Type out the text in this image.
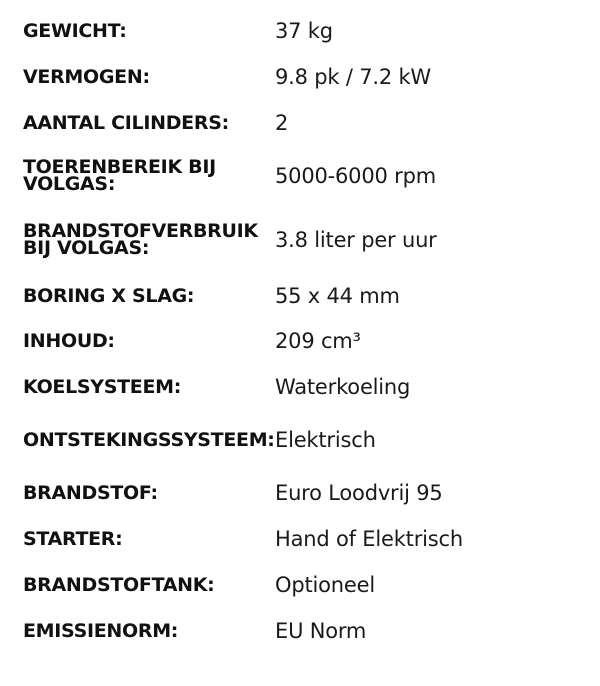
GEWICHT:	37 kg
VERMOGEN:	9.8 pk / 7.2 kW
AANTAL CILINDERS:	2
TOERENBEREIK BIJ VOLGAS:	5000-6000 rpm
BRANDSTOFVERBRUIK BIJ VOLGAS:	3.8 liter per uur
BORING X SLAG:	55 x 44 mm
INHOUD:	209 cm³
KOELSYSTEEM:	Waterkoeling
ONTSTEKINGSSYSTEEM: Elektrisch
BRANDSTOF:	Euro Loodvrij 95
STARTER:	Hand of Elektrisch
BRANDSTOFTANK:	Optioneel
EMISSIENORM:	EU Norm
